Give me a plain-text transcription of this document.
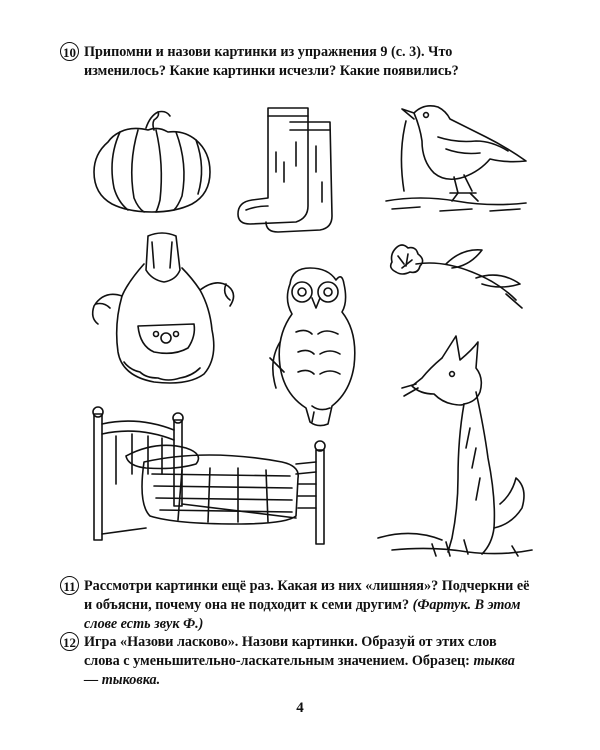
10 Припомни и назови картинки из упражнения 9 (с. 3). Что изменилось? Какие картинки исчезли? Какие появились?
11 Рассмотри картинки ещё раз. Какая из них «лишняя»? Подчеркни её и объясни, почему она не подходит к семи другим? (Фартук. В этом слове есть звук Ф.)
12 Игра «Назови ласково». Назови картинки. Образуй от этих слов слова с уменьшительно-ласкательным значением. Образец: тыква — тыковка.
4
